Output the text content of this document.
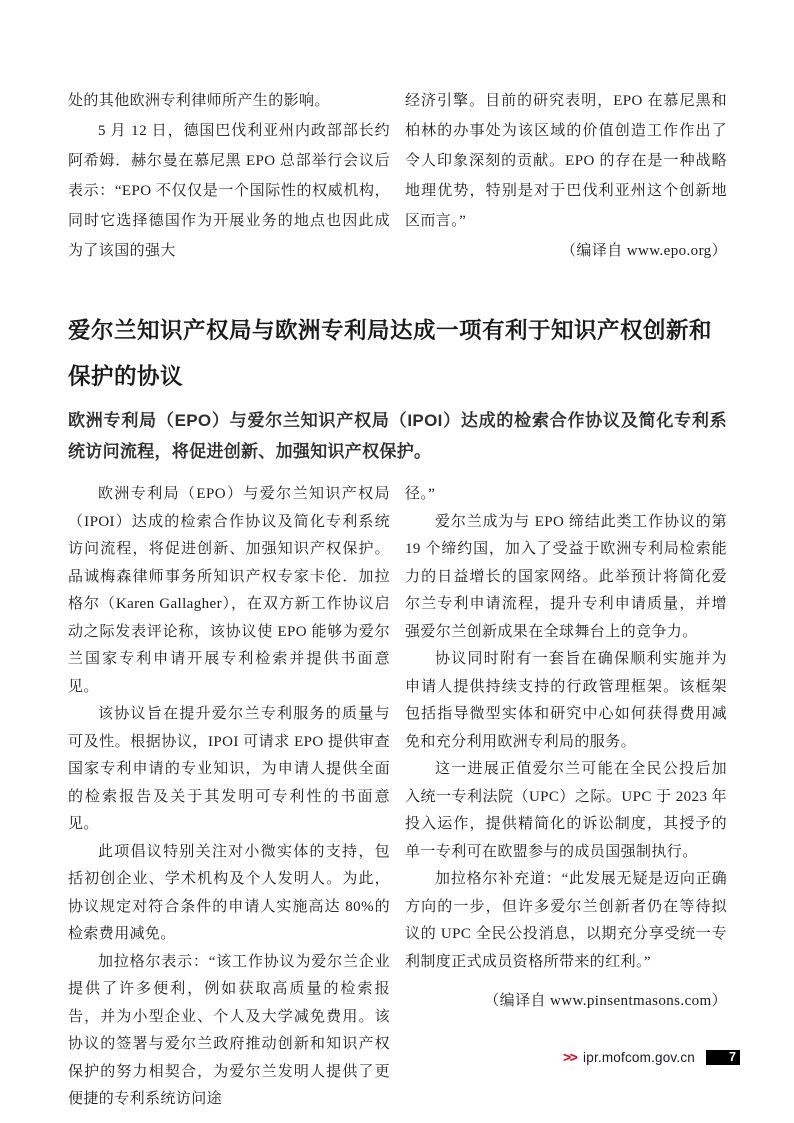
处的其他欧洲专利律师所产生的影响。

5 月 12 日，德国巴伐利亚州内政部部长约阿希姆．赫尔曼在慕尼黑 EPO 总部举行会议后表示：“EPO 不仅仅是一个国际性的权威机构，同时它选择德国作为开展业务的地点也因此成为了该国的强大

经济引擎。目前的研究表明，EPO 在慕尼黑和柏林的办事处为该区域的价值创造工作作出了令人印象深刻的贡献。EPO 的存在是一种战略地理优势，特别是对于巴伐利亚州这个创新地区而言。”

（编译自 www.epo.org）

爱尔兰知识产权局与欧洲专利局达成一项有利于知识产权创新和保护的协议

欧洲专利局（EPO）与爱尔兰知识产权局（IPOI）达成的检索合作协议及简化专利系统访问流程，将促进创新、加强知识产权保护。

欧洲专利局（EPO）与爱尔兰知识产权局（IPOI）达成的检索合作协议及简化专利系统访问流程，将促进创新、加强知识产权保护。品诚梅森律师事务所知识产权专家卡伦．加拉格尔（Karen Gallagher），在双方新工作协议启动之际发表评论称，该协议使 EPO 能够为爱尔兰国家专利申请开展专利检索并提供书面意见。

该协议旨在提升爱尔兰专利服务的质量与可及性。根据协议，IPOI 可请求 EPO 提供审查国家专利申请的专业知识，为申请人提供全面的检索报告及关于其发明可专利性的书面意见。

此项倡议特别关注对小微实体的支持，包括初创企业、学术机构及个人发明人。为此，协议规定对符合条件的申请人实施高达 80%的检索费用减免。

加拉格尔表示：“该工作协议为爱尔兰企业提供了许多便利，例如获取高质量的检索报告，并为小型企业、个人及大学减免费用。该协议的签署与爱尔兰政府推动创新和知识产权保护的努力相契合，为爱尔兰发明人提供了更便捷的专利系统访问途

径。”

爱尔兰成为与 EPO 缔结此类工作协议的第 19 个缔约国，加入了受益于欧洲专利局检索能力的日益增长的国家网络。此举预计将简化爱尔兰专利申请流程，提升专利申请质量，并增强爱尔兰创新成果在全球舞台上的竞争力。

协议同时附有一套旨在确保顺利实施并为申请人提供持续支持的行政管理框架。该框架包括指导微型实体和研究中心如何获得费用减免和充分利用欧洲专利局的服务。

这一进展正值爱尔兰可能在全民公投后加入统一专利法院（UPC）之际。UPC 于 2023 年投入运作，提供精简化的诉讼制度，其授予的单一专利可在欧盟参与的成员国强制执行。

加拉格尔补充道：“此发展无疑是迈向正确方向的一步，但许多爱尔兰创新者仍在等待拟议的 UPC 全民公投消息，以期充分享受统一专利制度正式成员资格所带来的红利。”

（编译自 www.pinsentmasons.com）

>> ipr.mofcom.gov.cn	7
